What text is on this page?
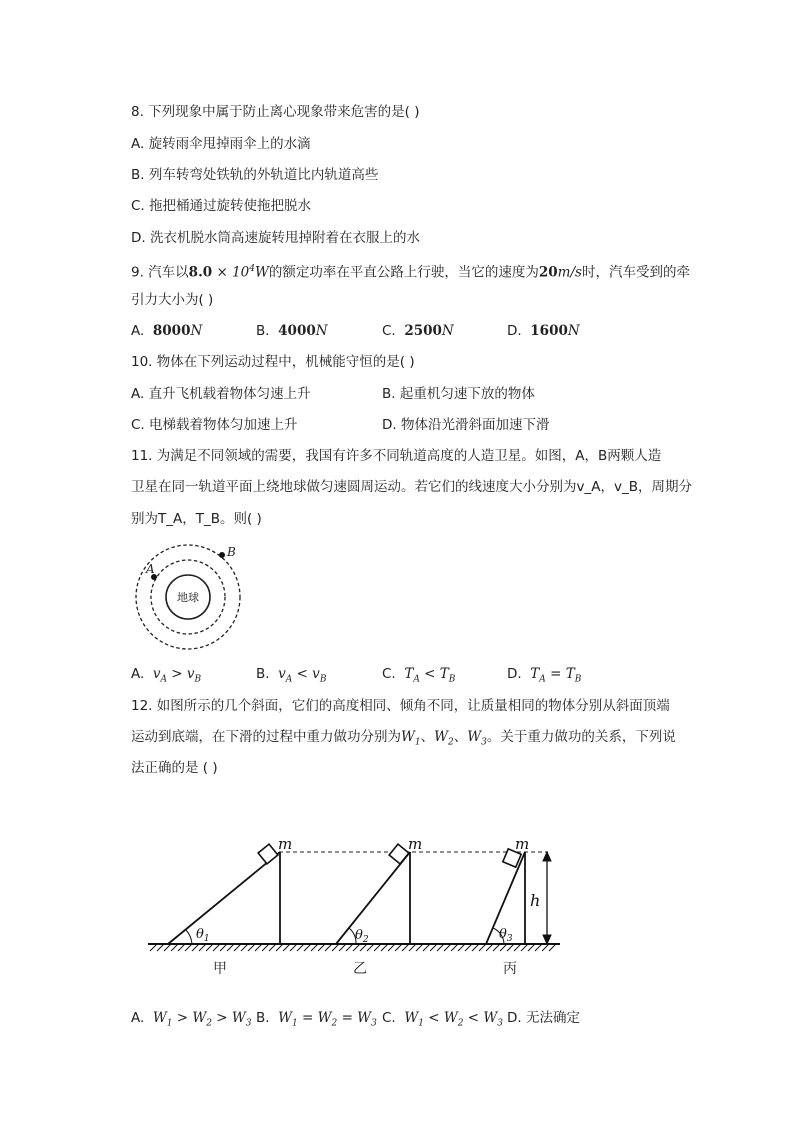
8. 下列现象中属于防止离心现象带来危害的是( )
A. 旋转雨伞甩掉雨伞上的水滴
B. 列车转弯处铁轨的外轨道比内轨道高些
C. 拖把桶通过旋转使拖把脱水
D. 洗衣机脱水筒高速旋转甩掉附着在衣服上的水
9. 汽车以$8.0 \times 10^4W$的额定功率在平直公路上行驶，当它的速度为20m/s时，汽车受到的牵
引力大小为( )
A. 8000N	B. 4000N	C. 2500N	D. 1600N
10. 物体在下列运动过程中，机械能守恒的是( )
A. 直升飞机载着物体匀速上升	B. 起重机匀速下放的物体
C. 电梯载着物体匀加速上升	D. 物体沿光滑斜面加速下滑
11. 为满足不同领域的需要，我国有许多不同轨道高度的人造卫星。如图，A，B两颗人造
卫星在同一轨道平面上绕地球做匀速圆周运动。若它们的线速度大小分别为v_A，v_B，周期分
别为T_A，T_B。则( )
地球
A
B
A.  $v_A > v_B$	B.  $v_A < v_B$	C.  $T_A < T_B$	D.  $T_A = T_B$
12. 如图所示的几个斜面，它们的高度相同、倾角不同，让质量相同的物体分别从斜面顶端
运动到底端，在下滑的过程中重力做功分别为$W_1$、$W_2$、$W_3$。关于重力做功的关系，下列说
法正确的是 ( )
m
$\theta_1$
甲
m
$\theta_2$
乙
m
$\theta_3$
丙
h
A.  $W_1 > W_2 > W_3$ B.  $W_1 = W_2 = W_3$ C.  $W_1 < W_2 < W_3$ D. 无法确定
